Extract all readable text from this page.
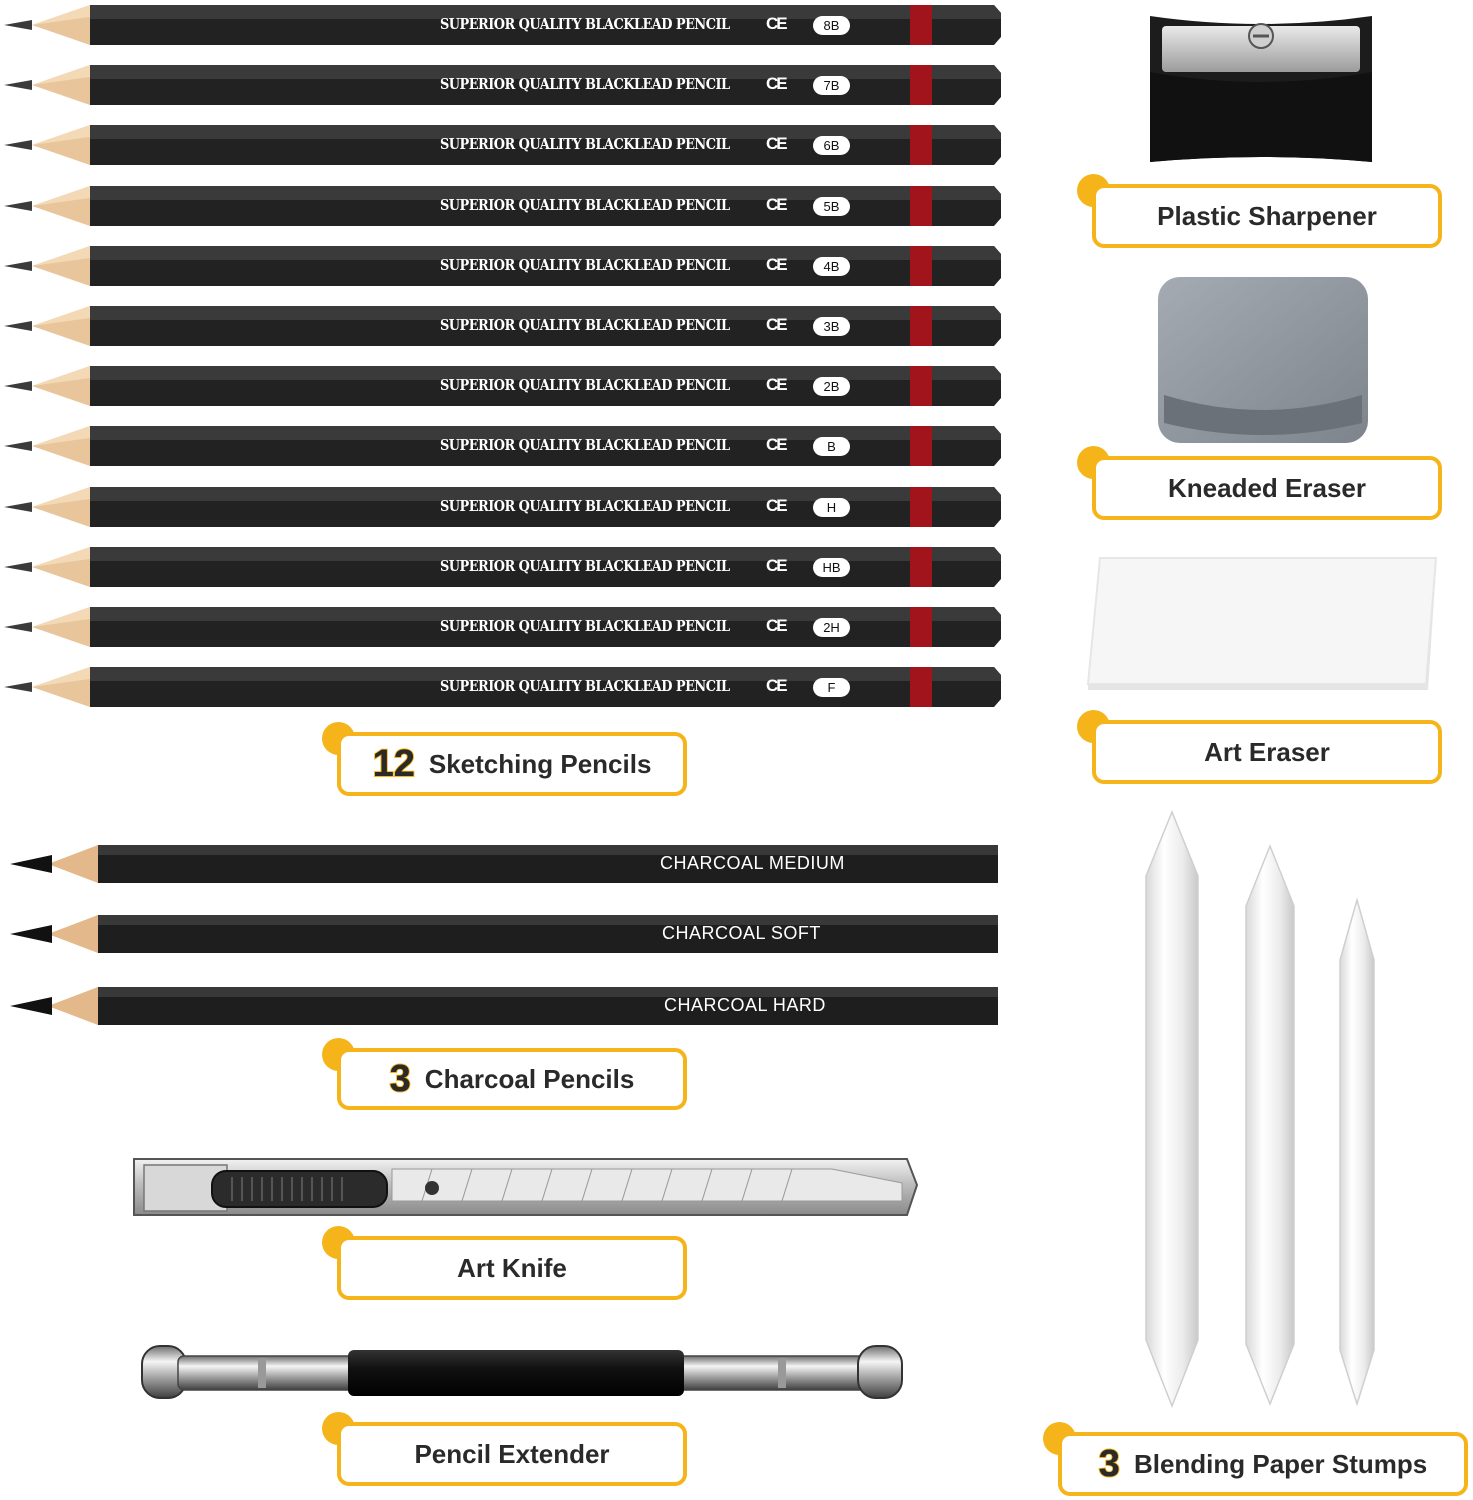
SUPERIOR QUALITY BLACKLEAD PENCIL CE	8B
SUPERIOR QUALITY BLACKLEAD PENCIL CE	7B
SUPERIOR QUALITY BLACKLEAD PENCIL CE	6B
SUPERIOR QUALITY BLACKLEAD PENCIL CE	5B
SUPERIOR QUALITY BLACKLEAD PENCIL CE	4B
SUPERIOR QUALITY BLACKLEAD PENCIL CE	3B
SUPERIOR QUALITY BLACKLEAD PENCIL CE	2B
SUPERIOR QUALITY BLACKLEAD PENCIL CE	B
SUPERIOR QUALITY BLACKLEAD PENCIL CE	H
SUPERIOR QUALITY BLACKLEAD PENCIL CE	HB
SUPERIOR QUALITY BLACKLEAD PENCIL CE	2H
SUPERIOR QUALITY BLACKLEAD PENCIL CE	F
12 Sketching Pencils
CHARCOAL MEDIUM
CHARCOAL SOFT
CHARCOAL HARD
3 Charcoal Pencils
Art Knife
Pencil Extender
Plastic Sharpener
Kneaded Eraser
Art Eraser
3 Blending Paper Stumps
